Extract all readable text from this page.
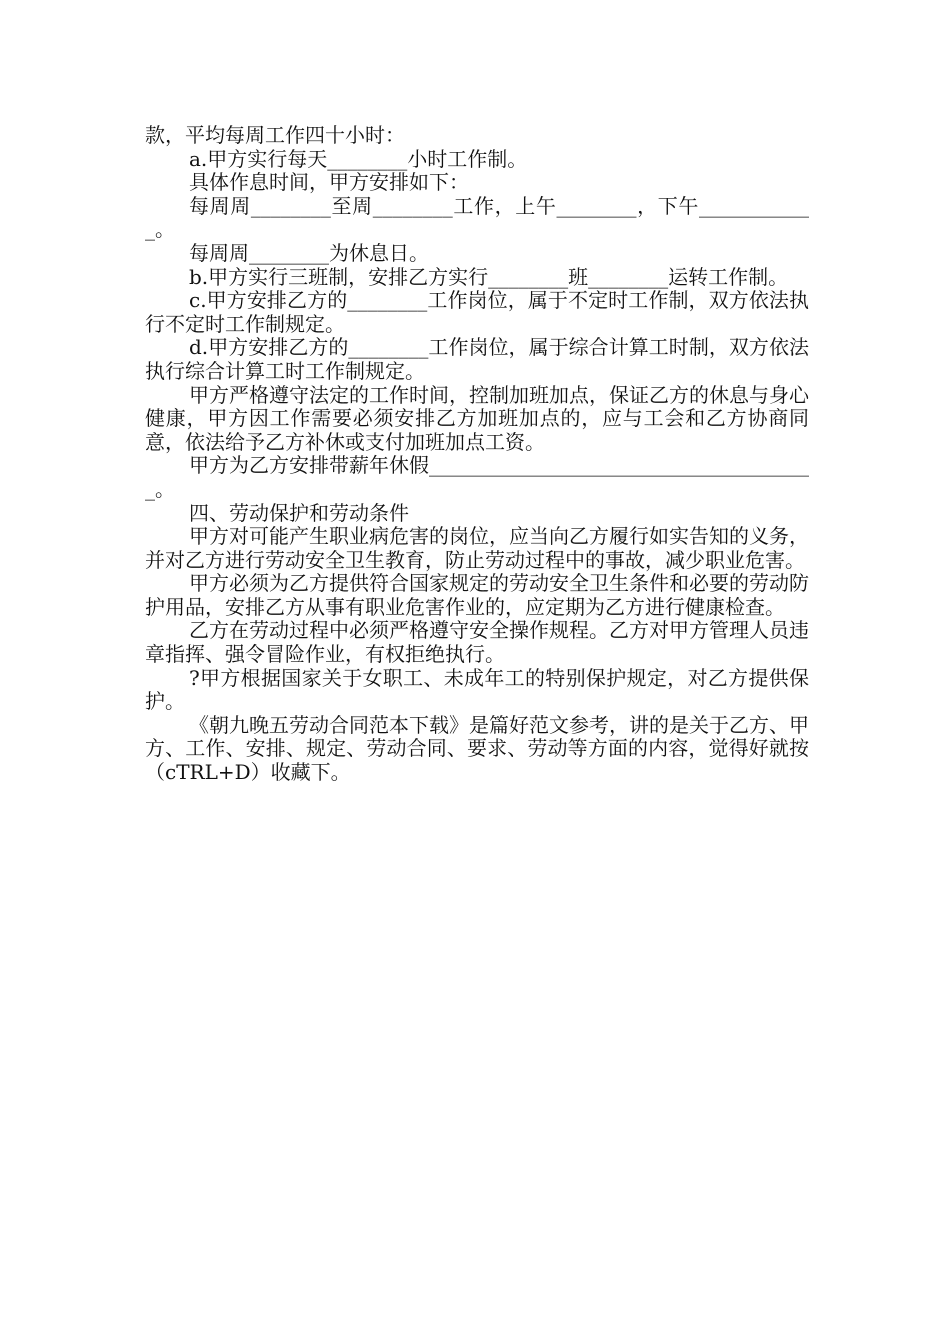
款，平均每周工作四十小时：

a.甲方实行每天________小时工作制。

具体作息时间，甲方安排如下：

每周周________至周________工作，上午________，下午____________。

每周周________为休息日。

b.甲方实行三班制，安排乙方实行________班________运转工作制。

c.甲方安排乙方的________工作岗位，属于不定时工作制，双方依法执行不定时工作制规定。

d.甲方安排乙方的________工作岗位，属于综合计算工时制，双方依法执行综合计算工时工作制规定。

甲方严格遵守法定的工作时间，控制加班加点，保证乙方的休息与身心健康，甲方因工作需要必须安排乙方加班加点的，应与工会和乙方协商同意，依法给予乙方补休或支付加班加点工资。

甲方为乙方安排带薪年休假_______________________________________。

四、劳动保护和劳动条件

甲方对可能产生职业病危害的岗位，应当向乙方履行如实告知的义务，并对乙方进行劳动安全卫生教育，防止劳动过程中的事故，减少职业危害。

甲方必须为乙方提供符合国家规定的劳动安全卫生条件和必要的劳动防护用品，安排乙方从事有职业危害作业的，应定期为乙方进行健康检查。

乙方在劳动过程中必须严格遵守安全操作规程。乙方对甲方管理人员违章指挥、强令冒险作业，有权拒绝执行。

?甲方根据国家关于女职工、未成年工的特别保护规定，对乙方提供保护。

《朝九晚五劳动合同范本下载》是篇好范文参考，讲的是关于乙方、甲方、工作、安排、规定、劳动合同、要求、劳动等方面的内容，觉得好就按（cTRL+D）收藏下。
